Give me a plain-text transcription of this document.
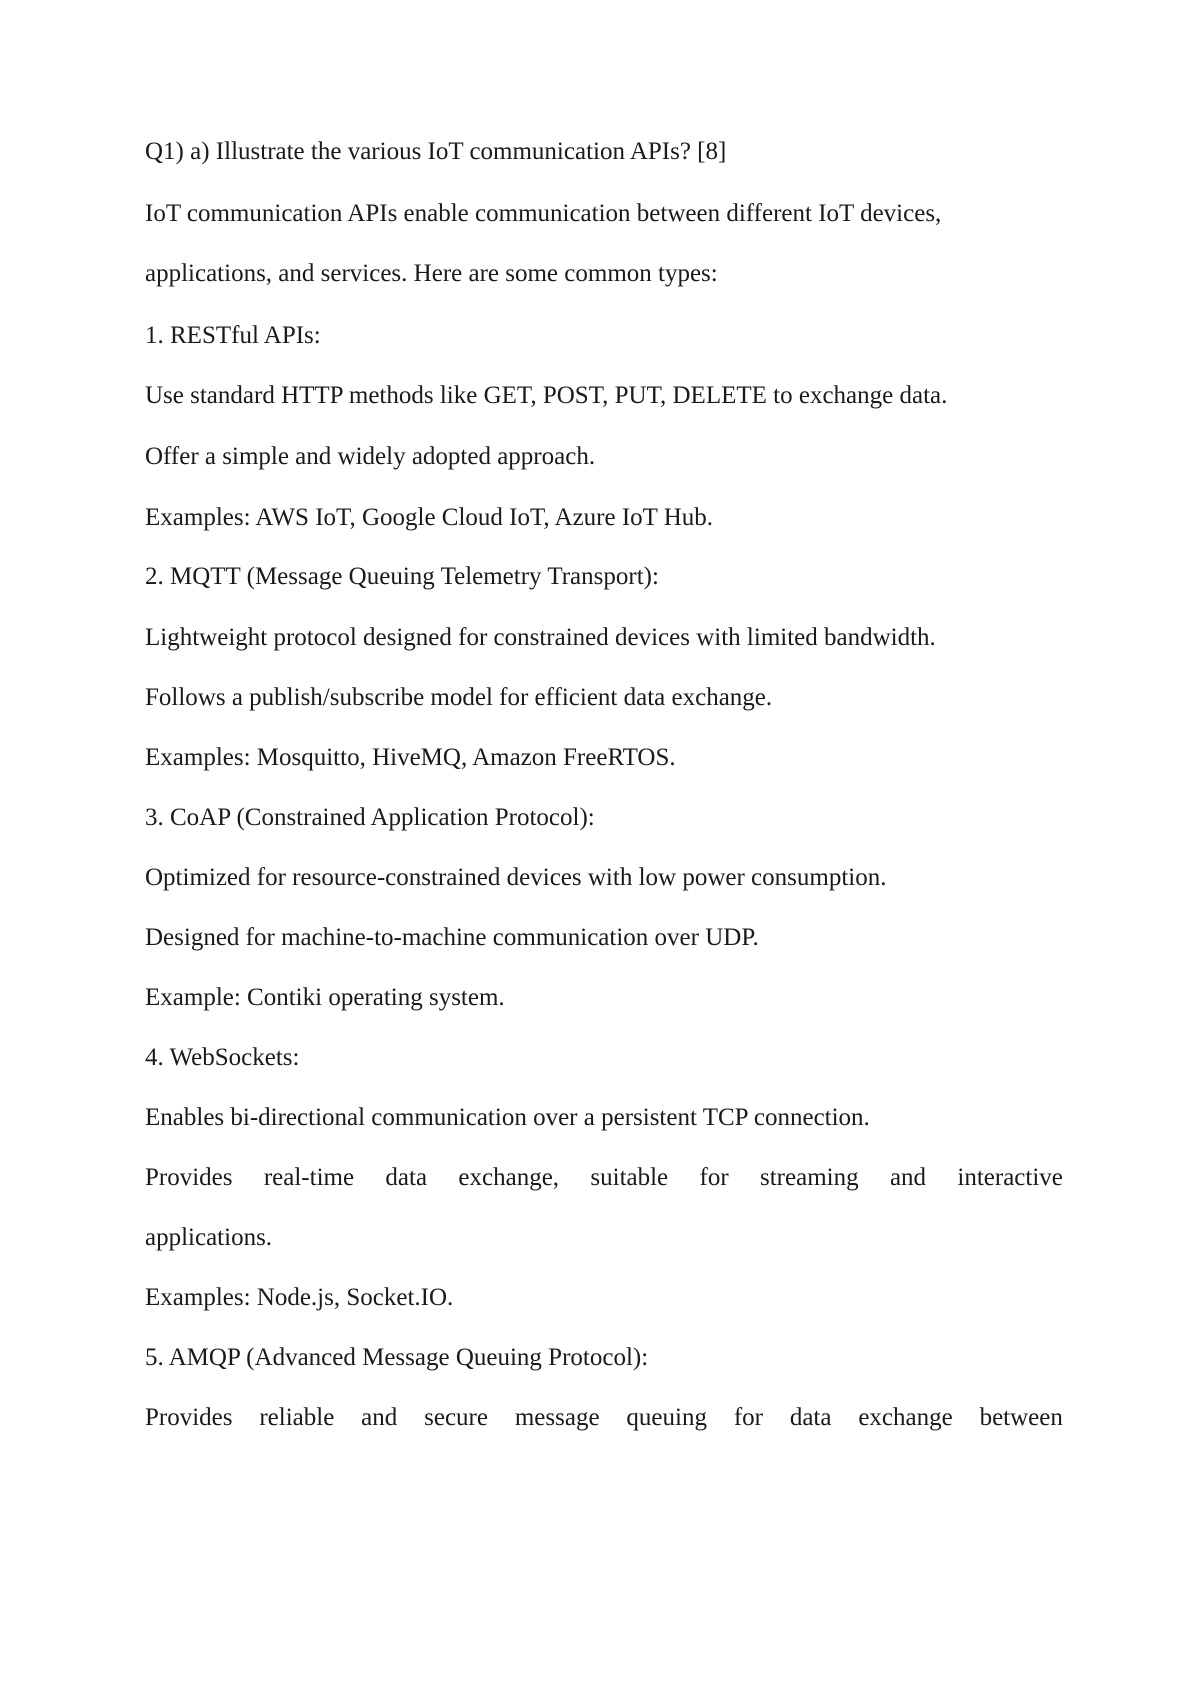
Q1) a) Illustrate the various IoT communication APIs? [8]
IoT communication APIs enable communication between different IoT devices,
applications, and services. Here are some common types:
1. RESTful APIs:
Use standard HTTP methods like GET, POST, PUT, DELETE to exchange data.
Offer a simple and widely adopted approach.
Examples: AWS IoT, Google Cloud IoT, Azure IoT Hub.
2. MQTT (Message Queuing Telemetry Transport):
Lightweight protocol designed for constrained devices with limited bandwidth.
Follows a publish/subscribe model for efficient data exchange.
Examples: Mosquitto, HiveMQ, Amazon FreeRTOS.
3. CoAP (Constrained Application Protocol):
Optimized for resource-constrained devices with low power consumption.
Designed for machine-to-machine communication over UDP.
Example: Contiki operating system.
4. WebSockets:
Enables bi-directional communication over a persistent TCP connection.
Provides real-time data exchange, suitable for streaming and interactive
applications.
Examples: Node.js, Socket.IO.
5. AMQP (Advanced Message Queuing Protocol):
Provides reliable and secure message queuing for data exchange between
